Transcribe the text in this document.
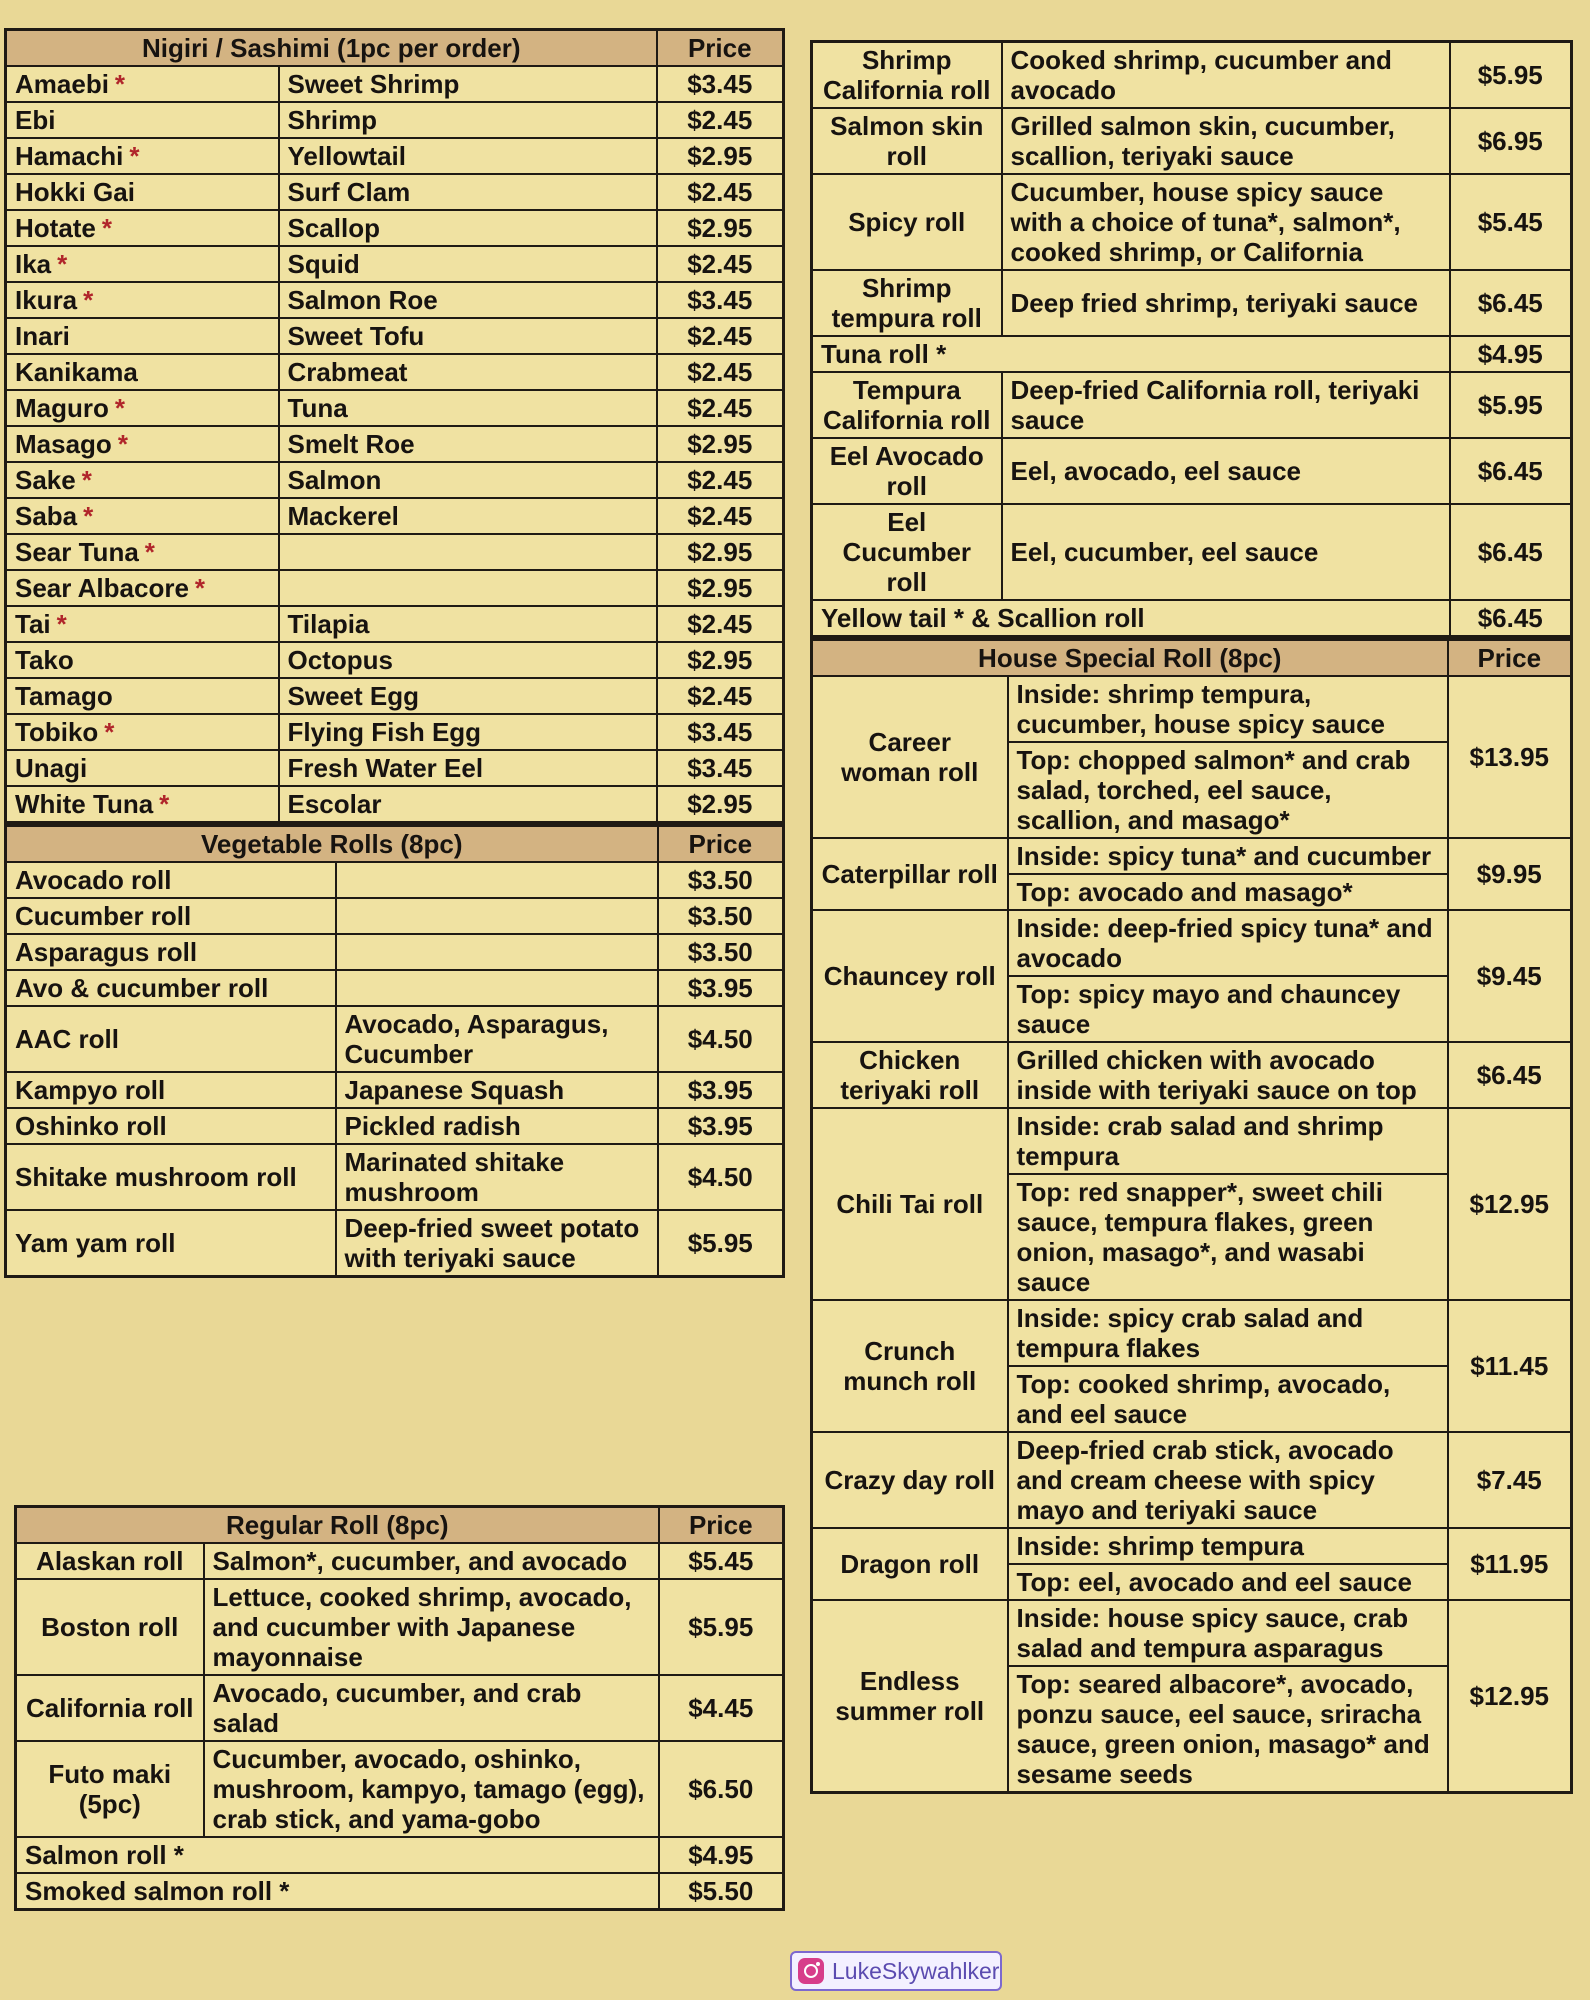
Nigiri / Sashimi (1pc per order)		Price
Amaebi *	Sweet Shrimp	$3.45
Ebi	Shrimp	$2.45
Hamachi *	Yellowtail	$2.95
Hokki Gai	Surf Clam	$2.45
Hotate *	Scallop	$2.95
Ika *	Squid	$2.45
Ikura *	Salmon Roe	$3.45
Inari	Sweet Tofu	$2.45
Kanikama	Crabmeat	$2.45
Maguro *	Tuna	$2.45
Masago *	Smelt Roe	$2.95
Sake *	Salmon	$2.45
Saba *	Mackerel	$2.45
Sear Tuna *		$2.95
Sear Albacore *		$2.95
Tai *	Tilapia	$2.45
Tako	Octopus	$2.95
Tamago	Sweet Egg	$2.45
Tobiko *	Flying Fish Egg	$3.45
Unagi	Fresh Water Eel	$3.45
White Tuna *	Escolar	$2.95
Vegetable Rolls (8pc)		Price
Avocado roll		$3.50
Cucumber roll		$3.50
Asparagus roll		$3.50
Avo & cucumber roll		$3.95
AAC roll	Avocado, Asparagus, Cucumber	$4.50
Kampyo roll	Japanese Squash	$3.95
Oshinko roll	Pickled radish	$3.95
Shitake mushroom roll	Marinated shitake mushroom	$4.50
Yam yam roll	Deep-fried sweet potato with teriyaki sauce	$5.95
Regular Roll (8pc)		Price
Alaskan roll	Salmon*, cucumber, and avocado	$5.45
Boston roll	Lettuce, cooked shrimp, avocado, and cucumber with Japanese mayonnaise	$5.95
California roll	Avocado, cucumber, and crab salad	$4.45
Futo maki (5pc)	Cucumber, avocado, oshinko, mushroom, kampyo, tamago (egg), crab stick, and yama-gobo	$6.50
Salmon roll *		$4.95
Smoked salmon roll *		$5.50
Shrimp California roll	Cooked shrimp, cucumber and avocado	$5.95
Salmon skin roll	Grilled salmon skin, cucumber, scallion, teriyaki sauce	$6.95
Spicy roll	Cucumber, house spicy sauce with a choice of tuna*, salmon*, cooked shrimp, or California	$5.45
Shrimp tempura roll	Deep fried shrimp, teriyaki sauce	$6.45
Tuna roll *		$4.95
Tempura California roll	Deep-fried California roll, teriyaki sauce	$5.95
Eel Avocado roll	Eel, avocado, eel sauce	$6.45
Eel Cucumber roll	Eel, cucumber, eel sauce	$6.45
Yellow tail * & Scallion roll		$6.45
House Special Roll (8pc)		Price
Career woman roll	Inside: shrimp tempura, cucumber, house spicy sauce	$13.95
	Top: chopped salmon* and crab salad, torched, eel sauce, scallion, and masago*	
Caterpillar roll	Inside: spicy tuna* and cucumber	$9.95
	Top: avocado and masago*	
Chauncey roll	Inside: deep-fried spicy tuna* and avocado	$9.45
	Top: spicy mayo and chauncey sauce	
Chicken teriyaki roll	Grilled chicken with avocado inside with teriyaki sauce on top	$6.45
Chili Tai roll	Inside: crab salad and shrimp tempura	$12.95
	Top: red snapper*, sweet chili sauce, tempura flakes, green onion, masago*, and wasabi sauce	
Crunch munch roll	Inside: spicy crab salad and tempura flakes	$11.45
	Top: cooked shrimp, avocado, and eel sauce	
Crazy day roll	Deep-fried crab stick, avocado and cream cheese with spicy mayo and teriyaki sauce	$7.45
Dragon roll	Inside: shrimp tempura	$11.95
	Top: eel, avocado and eel sauce	
Endless summer roll	Inside: house spicy sauce, crab salad and tempura asparagus	$12.95
	Top: seared albacore*, avocado, ponzu sauce, eel sauce, sriracha sauce, green onion, masago* and sesame seeds	
LukeSkywahlker
